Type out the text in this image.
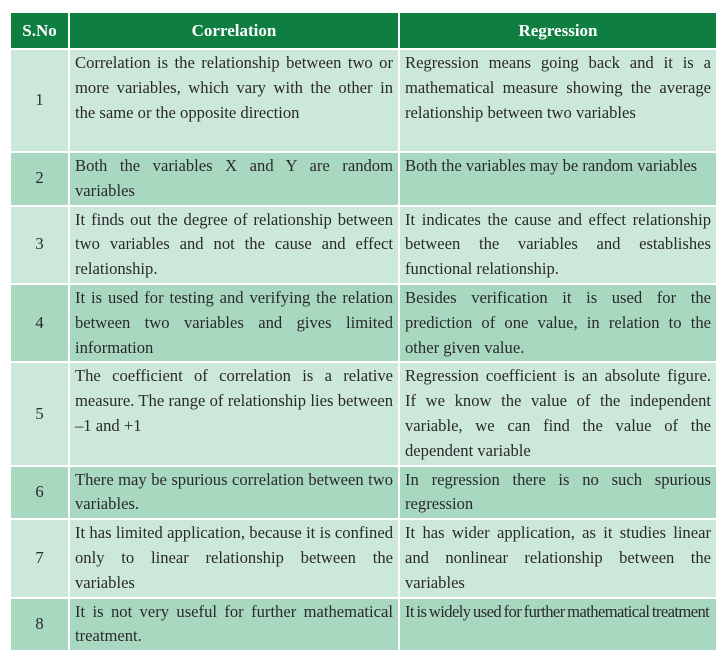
S.No	Correlation	Regression
1	Correlation is the relationship between two or more variables, which vary with the other in the same or the opposite direction	Regression means going back and it is a mathematical measure showing the average relationship between two variables
2	Both the variables X and Y are random variables	Both the variables may be random variables
3	It finds out the degree of relationship between two variables and not the cause and effect relationship.	It indicates the cause and effect relationship between the variables and establishes functional relationship.
4	It is used for testing and verifying the relation between two variables and gives limited information	Besides verification it is used for the prediction of one value, in relation to the other given value.
5	The coefficient of correlation is a relative measure. The range of relationship lies between –1 and +1	Regression coefficient is an absolute figure. If we know the value of the independent variable, we can find the value of the dependent variable
6	There may be spurious correlation between two variables.	In regression there is no such spurious regression
7	It has limited application, because it is confined only to linear relationship between the variables	It has wider application, as it studies linear and nonlinear relationship between the variables
8	It is not very useful for further mathematical treatment.	It is widely used for further mathematical treatment
